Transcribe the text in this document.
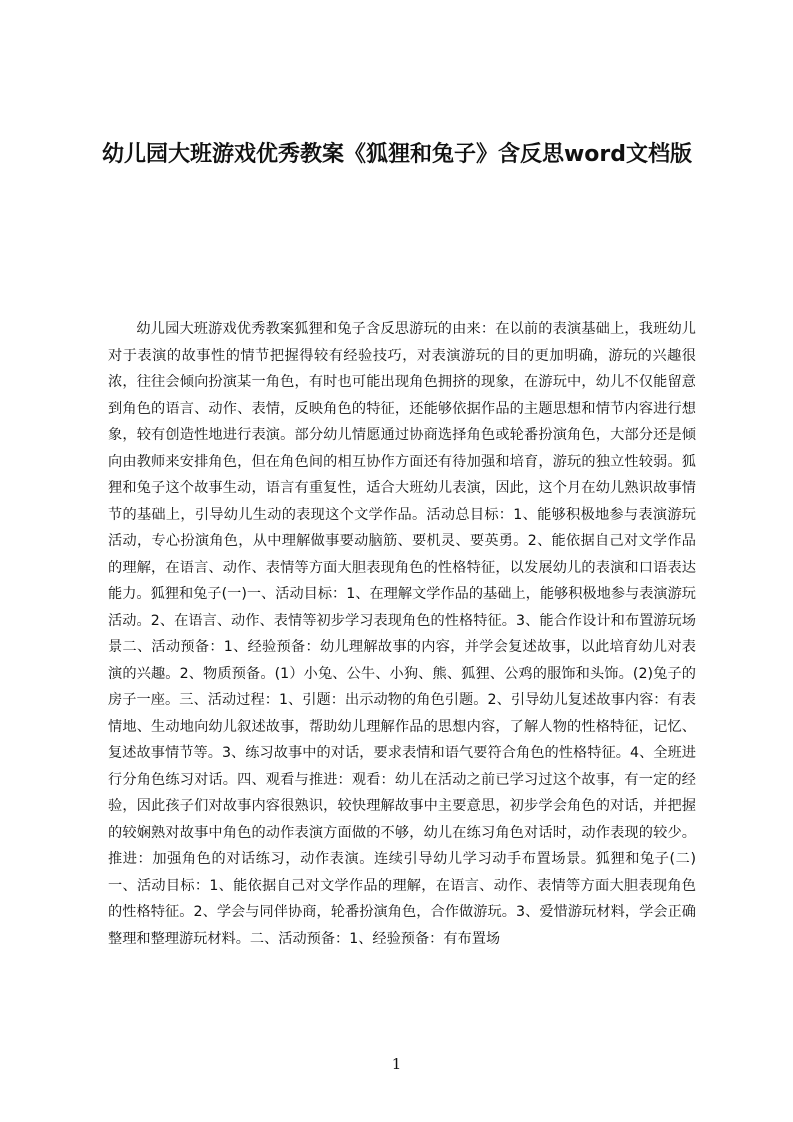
幼儿园大班游戏优秀教案《狐狸和兔子》含反思word文档版

幼儿园大班游戏优秀教案狐狸和兔子含反思游玩的由来：在以前的表演基础上，我班幼儿对于表演的故事性的情节把握得较有经验技巧，对表演游玩的目的更加明确，游玩的兴趣很浓，往往会倾向扮演某一角色，有时也可能出现角色拥挤的现象，在游玩中，幼儿不仅能留意到角色的语言、动作、表情，反映角色的特征，还能够依据作品的主题思想和情节内容进行想象，较有创造性地进行表演。部分幼儿情愿通过协商选择角色或轮番扮演角色，大部分还是倾向由教师来安排角色，但在角色间的相互协作方面还有待加强和培育，游玩的独立性较弱。狐狸和兔子这个故事生动，语言有重复性，适合大班幼儿表演，因此，这个月在幼儿熟识故事情节的基础上，引导幼儿生动的表现这个文学作品。活动总目标：1、能够积极地参与表演游玩活动，专心扮演角色，从中理解做事要动脑筋、要机灵、要英勇。2、能依据自己对文学作品的理解，在语言、动作、表情等方面大胆表现角色的性格特征，以发展幼儿的表演和口语表达能力。狐狸和兔子(一)一、活动目标：1、在理解文学作品的基础上，能够积极地参与表演游玩活动。2、在语言、动作、表情等初步学习表现角色的性格特征。3、能合作设计和布置游玩场景二、活动预备：1、经验预备：幼儿理解故事的内容，并学会复述故事，以此培育幼儿对表演的兴趣。2、物质预备。(1）小兔、公牛、小狗、熊、狐狸、公鸡的服饰和头饰。(2)兔子的房子一座。三、活动过程：1、引题：出示动物的角色引题。2、引导幼儿复述故事内容：有表情地、生动地向幼儿叙述故事，帮助幼儿理解作品的思想内容，了解人物的性格特征，记忆、复述故事情节等。3、练习故事中的对话，要求表情和语气要符合角色的性格特征。4、全班进行分角色练习对话。四、观看与推进：观看：幼儿在活动之前已学习过这个故事，有一定的经验，因此孩子们对故事内容很熟识，较快理解故事中主要意思，初步学会角色的对话，并把握的较娴熟对故事中角色的动作表演方面做的不够，幼儿在练习角色对话时，动作表现的较少。推进：加强角色的对话练习，动作表演。连续引导幼儿学习动手布置场景。狐狸和兔子(二)一、活动目标：1、能依据自己对文学作品的理解，在语言、动作、表情等方面大胆表现角色的性格特征。2、学会与同伴协商，轮番扮演角色，合作做游玩。3、爱惜游玩材料，学会正确整理和整理游玩材料。二、活动预备：1、经验预备：有布置场

1
